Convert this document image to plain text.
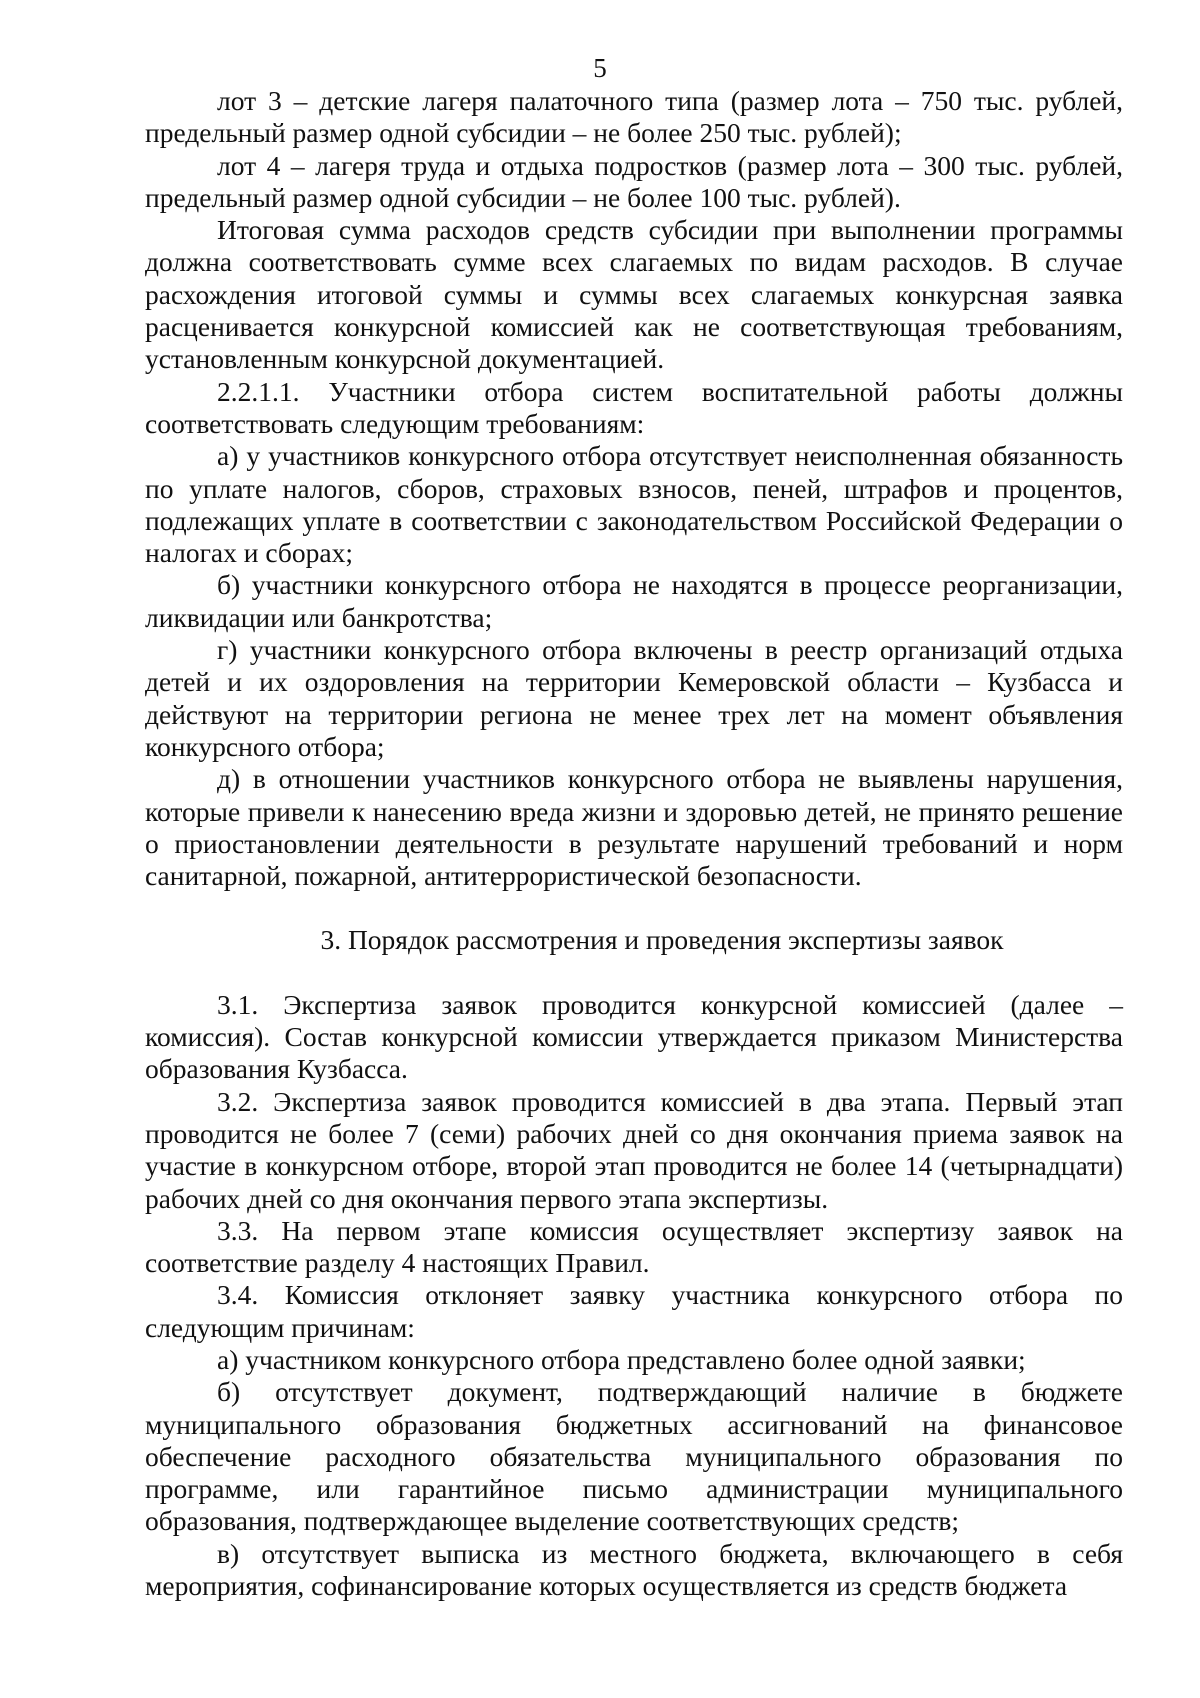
5

лот 3 – детские лагеря палаточного типа (размер лота – 750 тыс. рублей, предельный размер одной субсидии – не более 250 тыс. рублей);

лот 4 – лагеря труда и отдыха подростков (размер лота – 300 тыс. рублей, предельный размер одной субсидии – не более 100 тыс. рублей).

Итоговая сумма расходов средств субсидии при выполнении программы должна соответствовать сумме всех слагаемых по видам расходов. В случае расхождения итоговой суммы и суммы всех слагаемых конкурсная заявка расценивается конкурсной комиссией как не соответствующая требованиям, установленным конкурсной документацией.

2.2.1.1. Участники отбора систем воспитательной работы должны соответствовать следующим требованиям:

а) у участников конкурсного отбора отсутствует неисполненная обязанность по уплате налогов, сборов, страховых взносов, пеней, штрафов и процентов, подлежащих уплате в соответствии с законодательством Российской Федерации о налогах и сборах;

б) участники конкурсного отбора не находятся в процессе реорганизации, ликвидации или банкротства;

г) участники конкурсного отбора включены в реестр организаций отдыха детей и их оздоровления на территории Кемеровской области – Кузбасса и действуют на территории региона не менее трех лет на момент объявления конкурсного отбора;

д) в отношении участников конкурсного отбора не выявлены нарушения, которые привели к нанесению вреда жизни и здоровью детей, не принято решение о приостановлении деятельности в результате нарушений требований и норм санитарной, пожарной, антитеррористической безопасности.

3. Порядок рассмотрения и проведения экспертизы заявок

3.1. Экспертиза заявок проводится конкурсной комиссией (далее – комиссия). Состав конкурсной комиссии утверждается приказом Министерства образования Кузбасса.

3.2. Экспертиза заявок проводится комиссией в два этапа. Первый этап проводится не более 7 (семи) рабочих дней со дня окончания приема заявок на участие в конкурсном отборе, второй этап проводится не более 14 (четырнадцати) рабочих дней со дня окончания первого этапа экспертизы.

3.3. На первом этапе комиссия осуществляет экспертизу заявок на соответствие разделу 4 настоящих Правил.

3.4. Комиссия отклоняет заявку участника конкурсного отбора по следующим причинам:

а) участником конкурсного отбора представлено более одной заявки;

б) отсутствует документ, подтверждающий наличие в бюджете муниципального образования бюджетных ассигнований на финансовое обеспечение расходного обязательства муниципального образования по программе, или гарантийное письмо администрации муниципального образования, подтверждающее выделение соответствующих средств;

в) отсутствует выписка из местного бюджета, включающего в себя мероприятия, софинансирование которых осуществляется из средств бюджета
